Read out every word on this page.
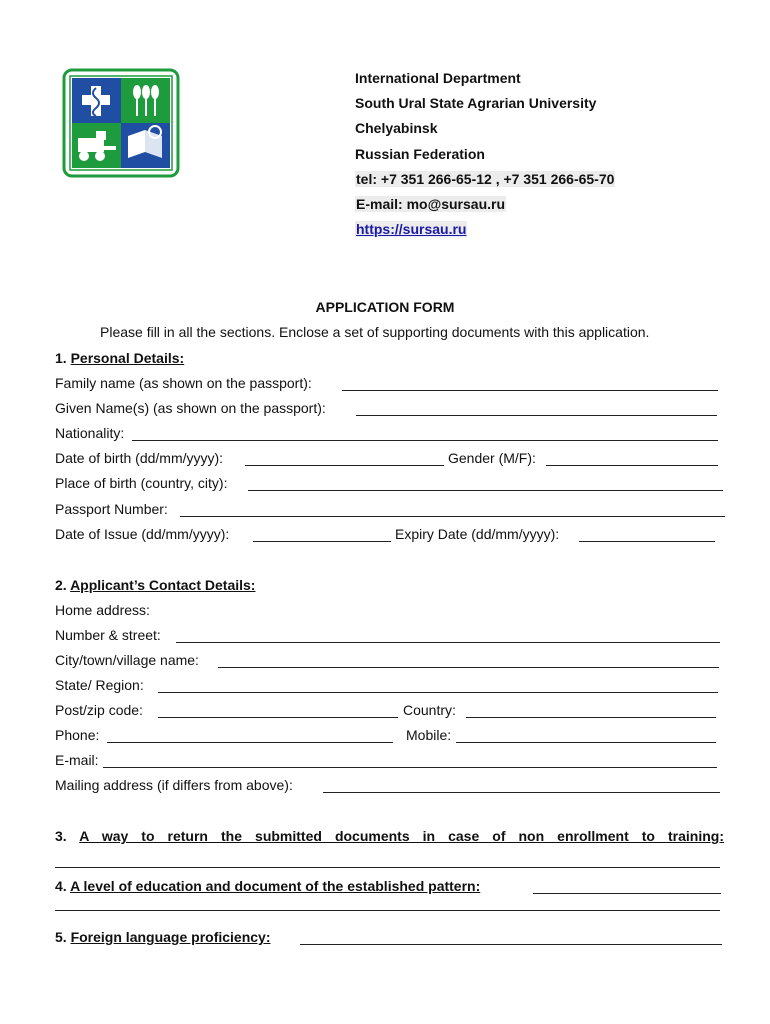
International Department
South Ural State Agrarian University
Chelyabinsk
Russian Federation
tel: +7 351 266-65-12 , +7 351 266-65-70
E-mail: mo@sursau.ru
https://sursau.ru
APPLICATION FORM
Please fill in all the sections. Enclose a set of supporting documents with this application.
1. Personal Details:
Family name (as shown on the passport):
Given Name(s) (as shown on the passport):
Nationality:
Date of birth (dd/mm/yyyy):	Gender (M/F):
Place of birth (country, city):
Passport Number:
Date of Issue (dd/mm/yyyy):	Expiry Date (dd/mm/yyyy):
2. Applicant’s Contact Details:
Home address:
Number & street:
City/town/village name:
State/ Region:
Post/zip code:	Country:
Phone:	Mobile:
E-mail:
Mailing address (if differs from above):
3. A way to return the submitted documents in case of non enrollment to training:
4. A level of education and document of the established pattern:
5. Foreign language proficiency:
